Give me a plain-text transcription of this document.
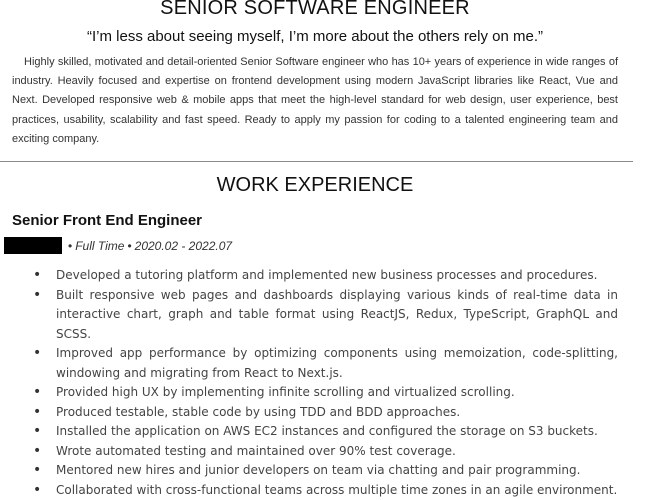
SENIOR SOFTWARE ENGINEER
“I’m less about seeing myself, I’m more about the others rely on me.”
Highly skilled, motivated and detail-oriented Senior Software engineer who has 10+ years of experience in wide ranges of industry. Heavily focused and expertise on frontend development using modern JavaScript libraries like React, Vue and Next. Developed responsive web & mobile apps that meet the high-level standard for web design, user experience, best practices, usability, scalability and fast speed. Ready to apply my passion for coding to a talented engineering team and exciting company.
WORK EXPERIENCE
Senior Front End Engineer
• Full Time • 2020.02 - 2022.07
• Developed a tutoring platform and implemented new business processes and procedures.
• Built responsive web pages and dashboards displaying various kinds of real-time data in interactive chart, graph and table format using ReactJS, Redux, TypeScript, GraphQL and SCSS.
• Improved app performance by optimizing components using memoization, code-splitting, windowing and migrating from React to Next.js.
• Provided high UX by implementing infinite scrolling and virtualized scrolling.
• Produced testable, stable code by using TDD and BDD approaches.
• Installed the application on AWS EC2 instances and configured the storage on S3 buckets.
• Wrote automated testing and maintained over 90% test coverage.
• Mentored new hires and junior developers on team via chatting and pair programming.
• Collaborated with cross-functional teams across multiple time zones in an agile environment.
